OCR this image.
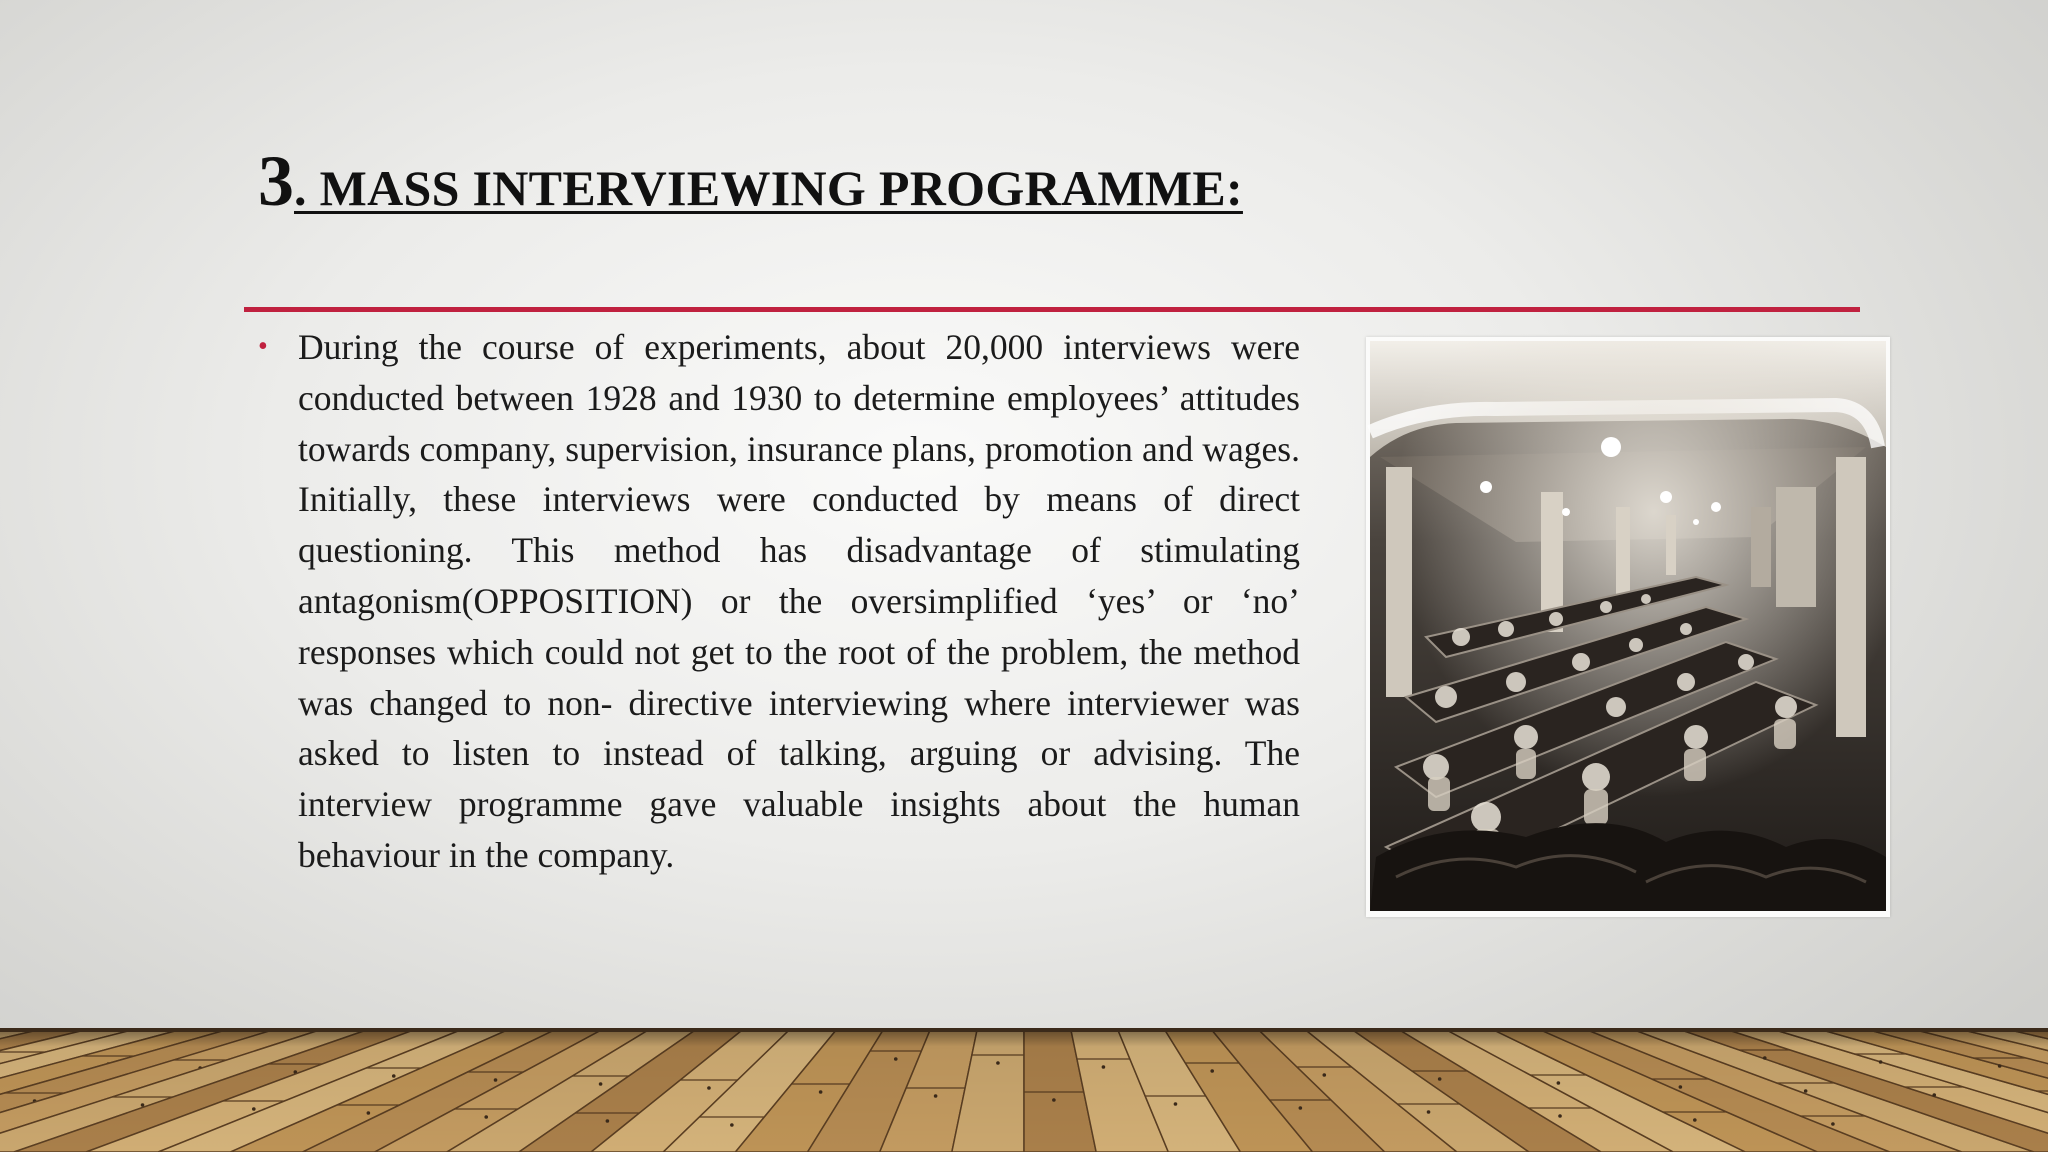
3. MASS INTERVIEWING PROGRAMME:
• During the course of experiments, about 20,000 interviews were conducted between 1928 and 1930 to determine employees’ attitudes towards company, supervision, insurance plans, promotion and wages. Initially, these interviews were conducted by means of direct questioning. This method has disadvantage of stimulating antagonism(OPPOSITION) or the oversimplified ‘yes’ or ‘no’ responses which could not get to the root of the problem, the method was changed to non- directive interviewing where interviewer was asked to listen to instead of talking, arguing or advising. The interview programme gave valuable insights about the human behaviour in the company.
